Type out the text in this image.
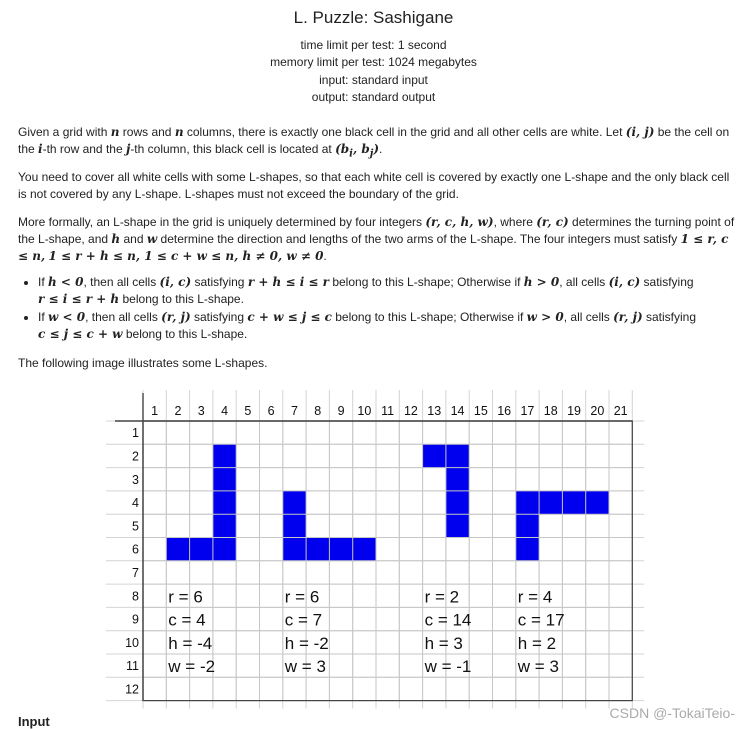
L. Puzzle: Sashigane
time limit per test: 1 second
memory limit per test: 1024 megabytes
input: standard input
output: standard output
Given a grid with n rows and n columns, there is exactly one black cell in the grid and all other cells are white. Let (i, j) be the cell on the i-th row and the j-th column, this black cell is located at ($b_i$, $b_j$).
You need to cover all white cells with some L-shapes, so that each white cell is covered by exactly one L-shape and the only black cell is not covered by any L-shape. L-shapes must not exceed the boundary of the grid.
More formally, an L-shape in the grid is uniquely determined by four integers (r, c, h, w), where (r, c) determines the turning point of the L-shape, and h and w determine the direction and lengths of the two arms of the L-shape. The four integers must satisfy 1 ≤ r, c ≤ n, 1 ≤ r + h ≤ n, 1 ≤ c + w ≤ n, h ≠ 0, w ≠ 0.
• If h < 0, then all cells (i, c) satisfying r + h ≤ i ≤ r belong to this L-shape; Otherwise if h > 0, all cells (i, c) satisfying
r ≤ i ≤ r + h belong to this L-shape.
• If w < 0, then all cells (r, j) satisfying c + w ≤ j ≤ c belong to this L-shape; Otherwise if w > 0, all cells (r, j) satisfying
c ≤ j ≤ c + w belong to this L-shape.
The following image illustrates some L-shapes.
1 2 3 4 5 6 7 8 9 10 11 12 13 14 15 16 17 18 19 20 21
1
2
3
4
5
6
7
8
9
10
11
12
r = 6
c = 4
h = -4
w = -2
r = 6
c = 7
h = -2
w = 3
r = 2
c = 14
h = 3
w = -1
r = 4
c = 17
h = 2
w = 3
Input
CSDN @-TokaiTeio-
